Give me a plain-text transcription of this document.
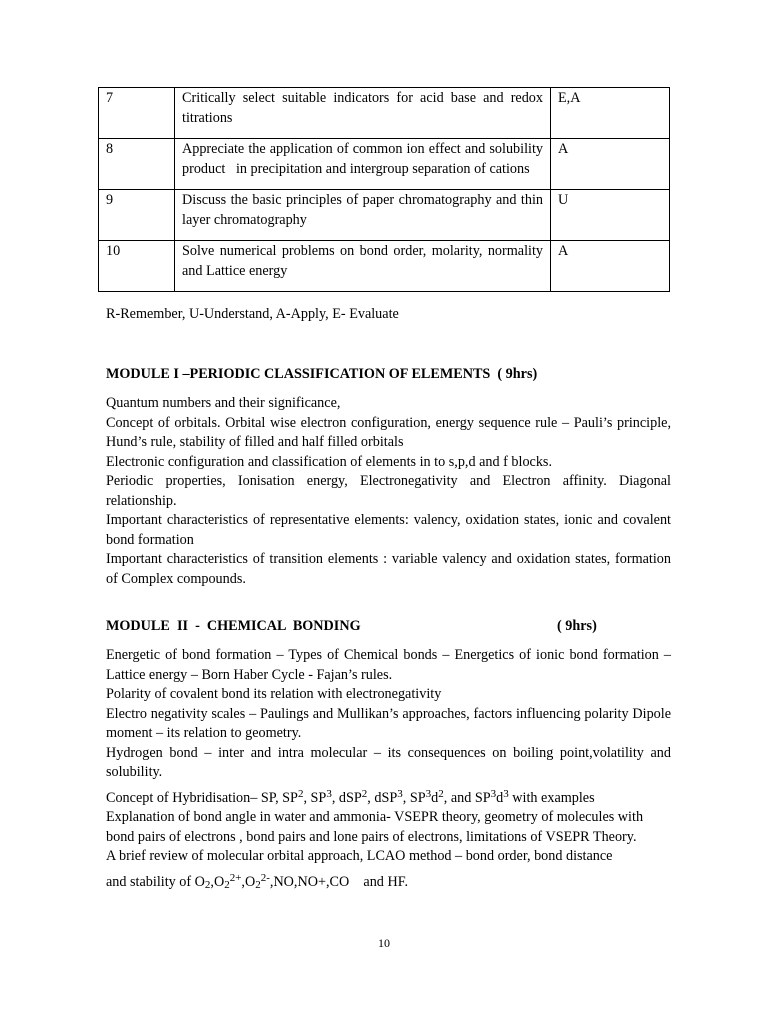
7	Critically select suitable indicators for acid base and redox titrations	E,A
8	Appreciate the application of common ion effect and solubility product   in precipitation and intergroup separation of cations	A
9	Discuss the basic principles of paper chromatography and thin layer chromatography	U
10	Solve numerical problems on bond order, molarity, normality and Lattice energy	A
R-Remember, U-Understand, A-Apply, E- Evaluate
MODULE I –PERIODIC CLASSIFICATION OF ELEMENTS  ( 9hrs)

Quantum numbers and their significance,

Concept of orbitals. Orbital wise electron configuration, energy sequence rule – Pauli’s principle, Hund’s rule, stability of filled and half filled orbitals

Electronic configuration and classification of elements in to s,p,d and f blocks.

Periodic properties, Ionisation energy, Electronegativity and Electron affinity. Diagonal relationship.

Important characteristics of representative elements: valency, oxidation states, ionic and covalent bond formation

Important characteristics of transition elements : variable valency and oxidation states, formation of Complex compounds.

MODULE  II  -  CHEMICAL  BONDING	( 9hrs)

Energetic of bond formation – Types of Chemical bonds – Energetics of ionic bond formation – Lattice energy – Born Haber Cycle - Fajan’s rules.

Polarity of covalent bond its relation with electronegativity

Electro negativity scales – Paulings and Mullikan’s approaches, factors influencing polarity Dipole moment – its relation to geometry.

Hydrogen bond – inter and intra molecular – its consequences on boiling point,volatility and solubility.

Concept of Hybridisation– SP, $SP^2$, $SP^3$, dSP$^2$, dSP$^3$, $SP^3d^2$, and $SP^3d^3$ with examples

Explanation of bond angle in water and ammonia- VSEPR theory, geometry of molecules with bond pairs of electrons , bond pairs and lone pairs of electrons, limitations of VSEPR Theory.

A brief review of molecular orbital approach, LCAO method – bond order, bond distance

and stability of $O_2,O_2^{2+},O_2^{2-},NO,NO+,CO$    and HF.

10
